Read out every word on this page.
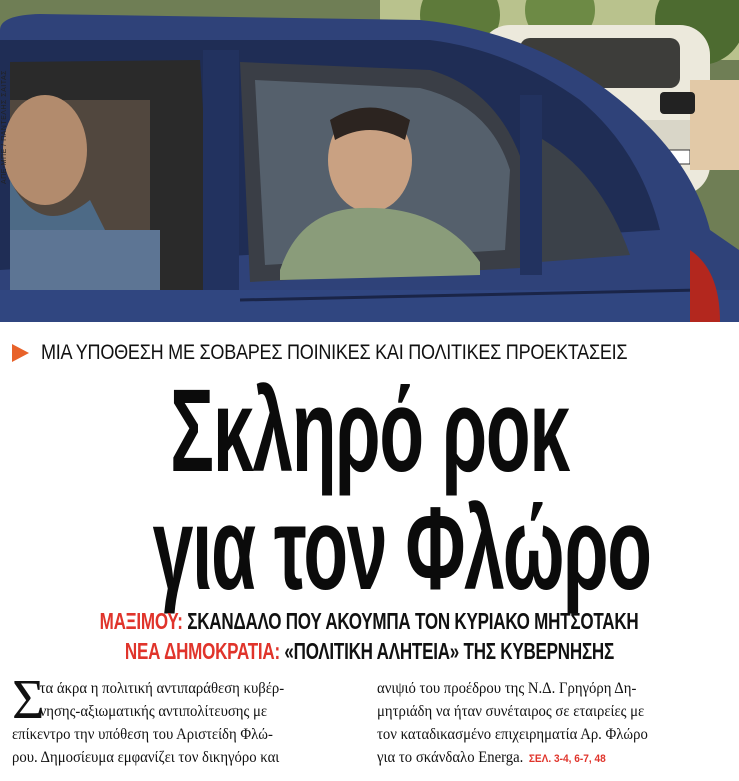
ΑΠΕ-ΜΠΕ / ΠΑΝΤΕΛΗΣ ΣΑΙΤΑΣ
ΜΙΑ ΥΠΟΘΕΣΗ ΜΕ ΣΟΒΑΡΕΣ ΠΟΙΝΙΚΕΣ ΚΑΙ ΠΟΛΙΤΙΚΕΣ ΠΡΟΕΚΤΑΣΕΙΣ
Σκληρό ροκ
για τον Φλώρο
ΜΑΞΙΜΟΥ: ΣΚΑΝΔΑΛΟ ΠΟΥ ΑΚΟΥΜΠΑ ΤΟΝ ΚΥΡΙΑΚΟ ΜΗΤΣΟΤΑΚΗ
ΝΕΑ ΔΗΜΟΚΡΑΤΙΑ: «ΠΟΛΙΤΙΚΗ ΑΛΗΤΕΙΑ» ΤΗΣ ΚΥΒΕΡΝΗΣΗΣ
Σ
τα άκρα η πολιτική αντιπαράθεση κυβέρ-
νησης-αξιωματικής αντιπολίτευσης με
επίκεντρο την υπόθεση του Αριστείδη Φλώ-
ρου. Δημοσίευμα εμφανίζει τον δικηγόρο και
ανιψιό του προέδρου της Ν.Δ. Γρηγόρη Δη-
μητριάδη να ήταν συνέταιρος σε εταιρείες με
τον καταδικασμένο επιχειρηματία Αρ. Φλώρο
για το σκάνδαλο Energa. ΣΕΛ. 3-4, 6-7, 48
